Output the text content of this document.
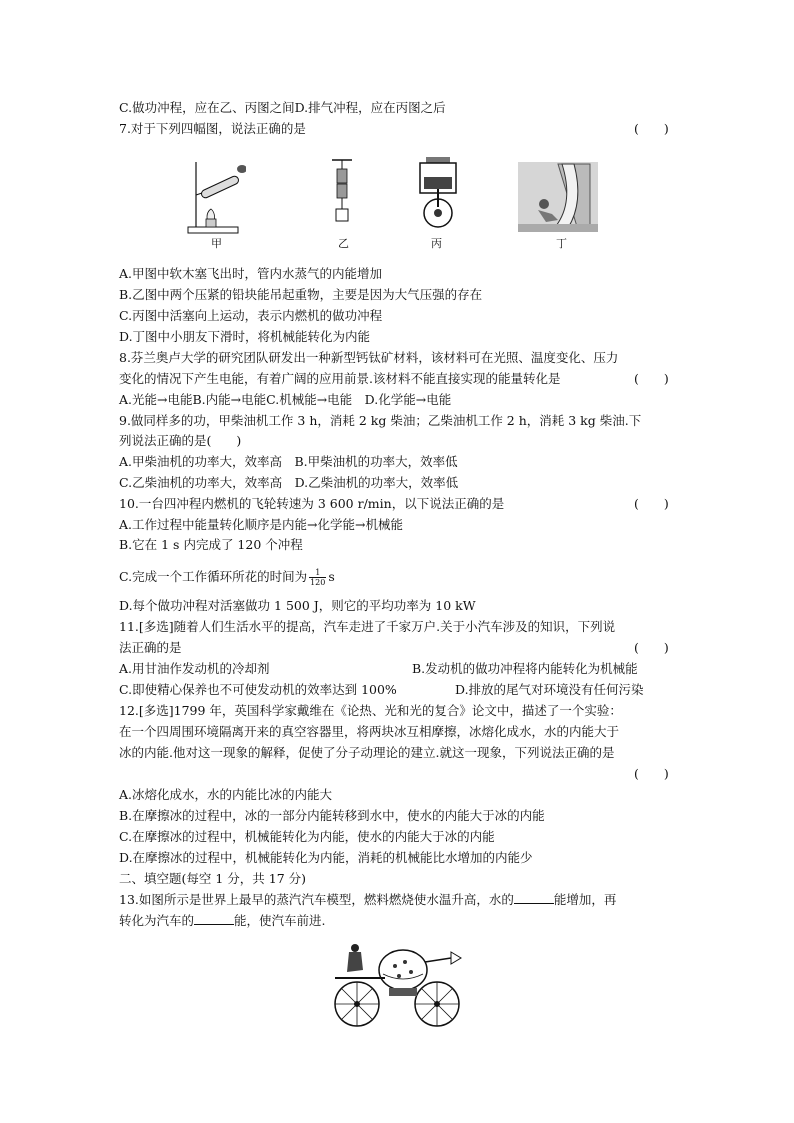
C.做功冲程，应在乙、丙图之间D.排气冲程，应在丙图之后
7.对于下列四幅图，说法正确的是	(　　)
甲	乙	丙	丁
A.甲图中软木塞飞出时，管内水蒸气的内能增加
B.乙图中两个压紧的铅块能吊起重物，主要是因为大气压强的存在
C.丙图中活塞向上运动，表示内燃机的做功冲程
D.丁图中小朋友下滑时，将机械能转化为内能
8.芬兰奥卢大学的研究团队研发出一种新型钙钛矿材料，该材料可在光照、温度变化、压力
变化的情况下产生电能，有着广阔的应用前景.该材料不能直接实现的能量转化是	(　　)
A.光能→电能B.内能→电能C.机械能→电能　D.化学能→电能
9.做同样多的功，甲柴油机工作 3 h，消耗 2 kg 柴油；乙柴油机工作 2 h，消耗 3 kg 柴油.下
列说法正确的是(　　)
A.甲柴油机的功率大，效率高　B.甲柴油机的功率大，效率低
C.乙柴油机的功率大，效率高　D.乙柴油机的功率大，效率低
10.一台四冲程内燃机的飞轮转速为 3 600 r/min，以下说法正确的是	(　　)
A.工作过程中能量转化顺序是内能→化学能→机械能
B.它在 1 s 内完成了 120 个冲程
C.完成一个工作循环所花的时间为 $\frac{1}{120}$ s
D.每个做功冲程对活塞做功 1 500 J，则它的平均功率为 10 kW
11.[多选]随着人们生活水平的提高，汽车走进了千家万户.关于小汽车涉及的知识，下列说
法正确的是	(　　)
A.用甘油作发动机的冷却剂	B.发动机的做功冲程将内能转化为机械能
C.即使精心保养也不可使发动机的效率达到 100%	D.排放的尾气对环境没有任何污染
12.[多选]1799 年，英国科学家戴维在《论热、光和光的复合》论文中，描述了一个实验：
在一个四周围环境隔离开来的真空容器里，将两块冰互相摩擦，冰熔化成水，水的内能大于
冰的内能.他对这一现象的解释，促使了分子动理论的建立.就这一现象，下列说法正确的是
(　　)
A.冰熔化成水，水的内能比冰的内能大
B.在摩擦冰的过程中，冰的一部分内能转移到水中，使水的内能大于冰的内能
C.在摩擦冰的过程中，机械能转化为内能，使水的内能大于冰的内能
D.在摩擦冰的过程中，机械能转化为内能，消耗的机械能比水增加的内能少
二、填空题(每空 1 分，共 17 分)
13.如图所示是世界上最早的蒸汽汽车模型，燃料燃烧使水温升高，水的	能增加，再
转化为汽车的	能，使汽车前进.
